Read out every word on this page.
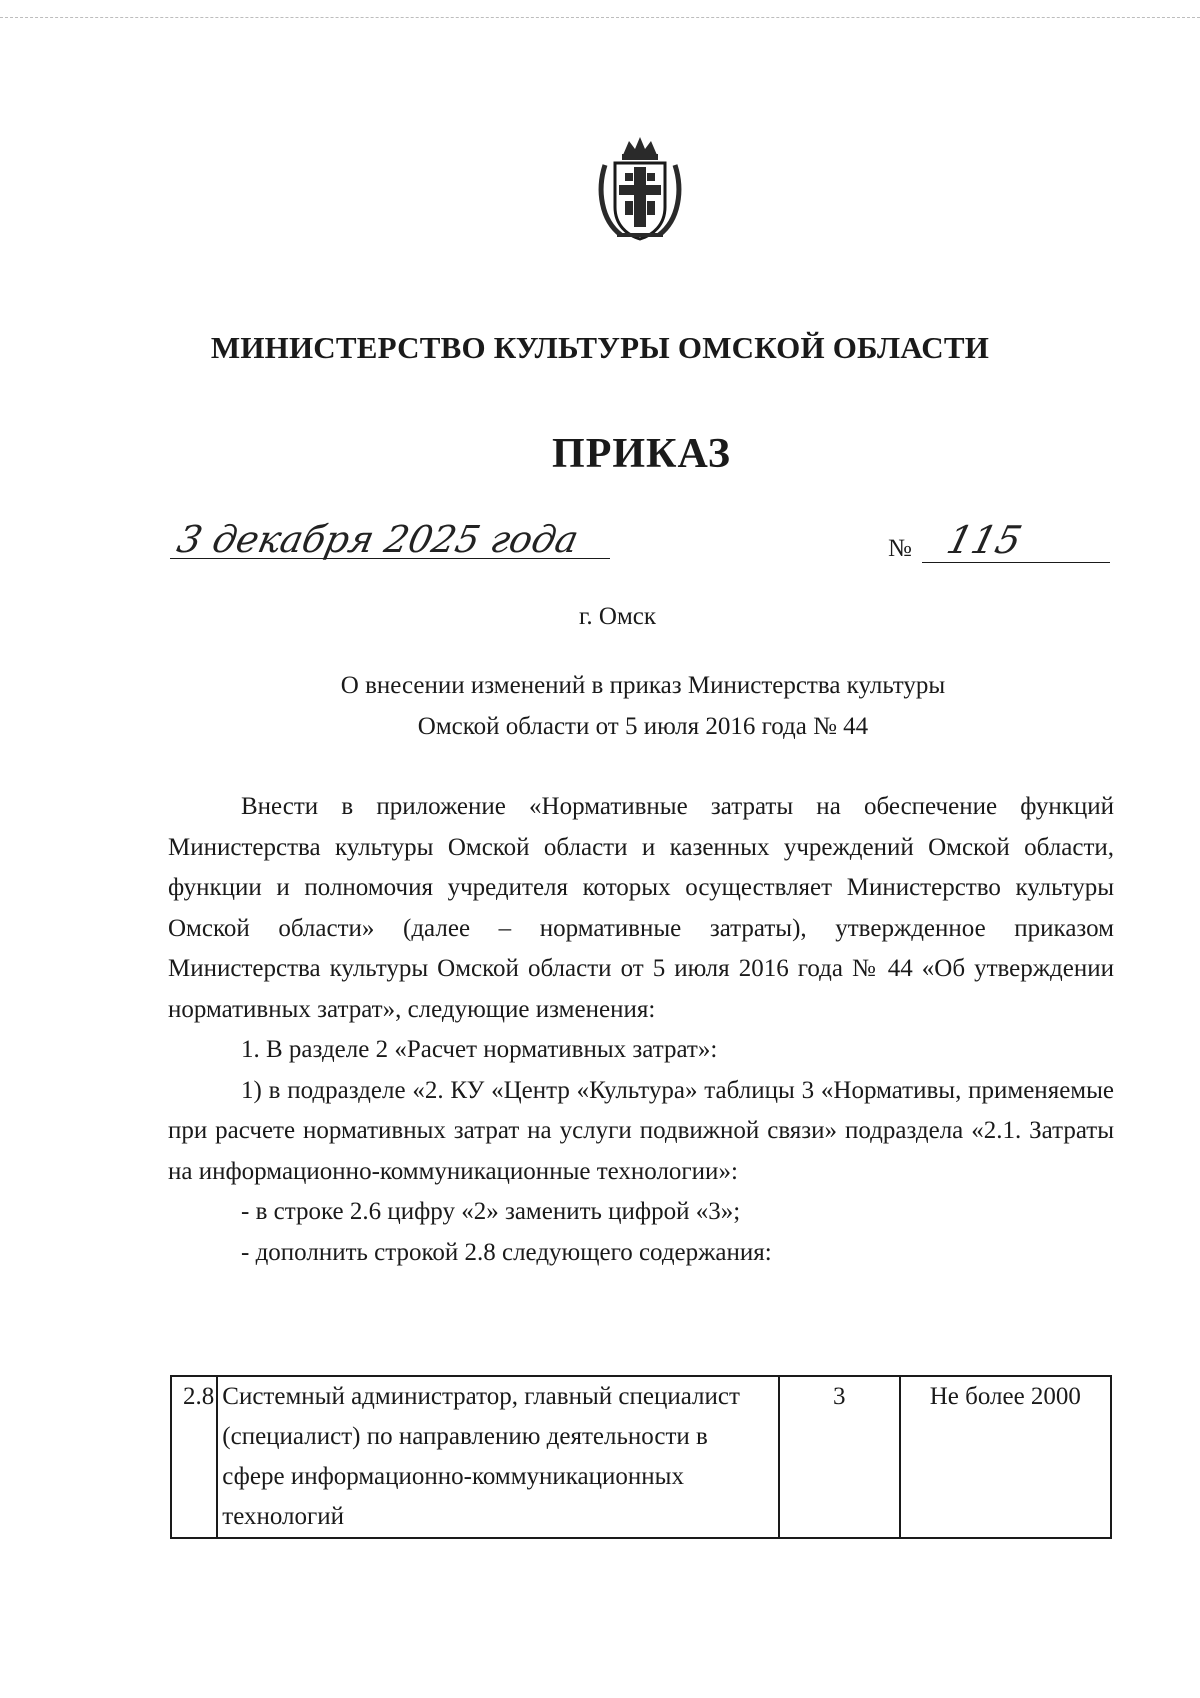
МИНИСТЕРСТВО КУЛЬТУРЫ ОМСКОЙ ОБЛАСТИ
ПРИКАЗ
3 декабря 2025 года	№ 115
г. Омск
О внесении изменений в приказ Министерства культуры
Омской области от 5 июля 2016 года № 44

Внести в приложение «Нормативные затраты на обеспечение функций Министерства культуры Омской области и казенных учреждений Омской области, функции и полномочия учредителя которых осуществляет Министерство культуры Омской области» (далее – нормативные затраты), утвержденное приказом Министерства культуры Омской области от 5 июля 2016 года № 44 «Об утверждении нормативных затрат», следующие изменения:

1. В разделе 2 «Расчет нормативных затрат»:

1) в подразделе «2. КУ «Центр «Культура» таблицы 3 «Нормативы, применяемые при расчете нормативных затрат на услуги подвижной связи» подраздела «2.1. Затраты на информационно-коммуникационные технологии»:

- в строке 2.6 цифру «2» заменить цифрой «3»;

- дополнить строкой 2.8 следующего содержания:

2.8	Системный администратор, главный специалист (специалист) по направлению деятельности в сфере информационно-коммуникационных технологий	3	Не более 2000
